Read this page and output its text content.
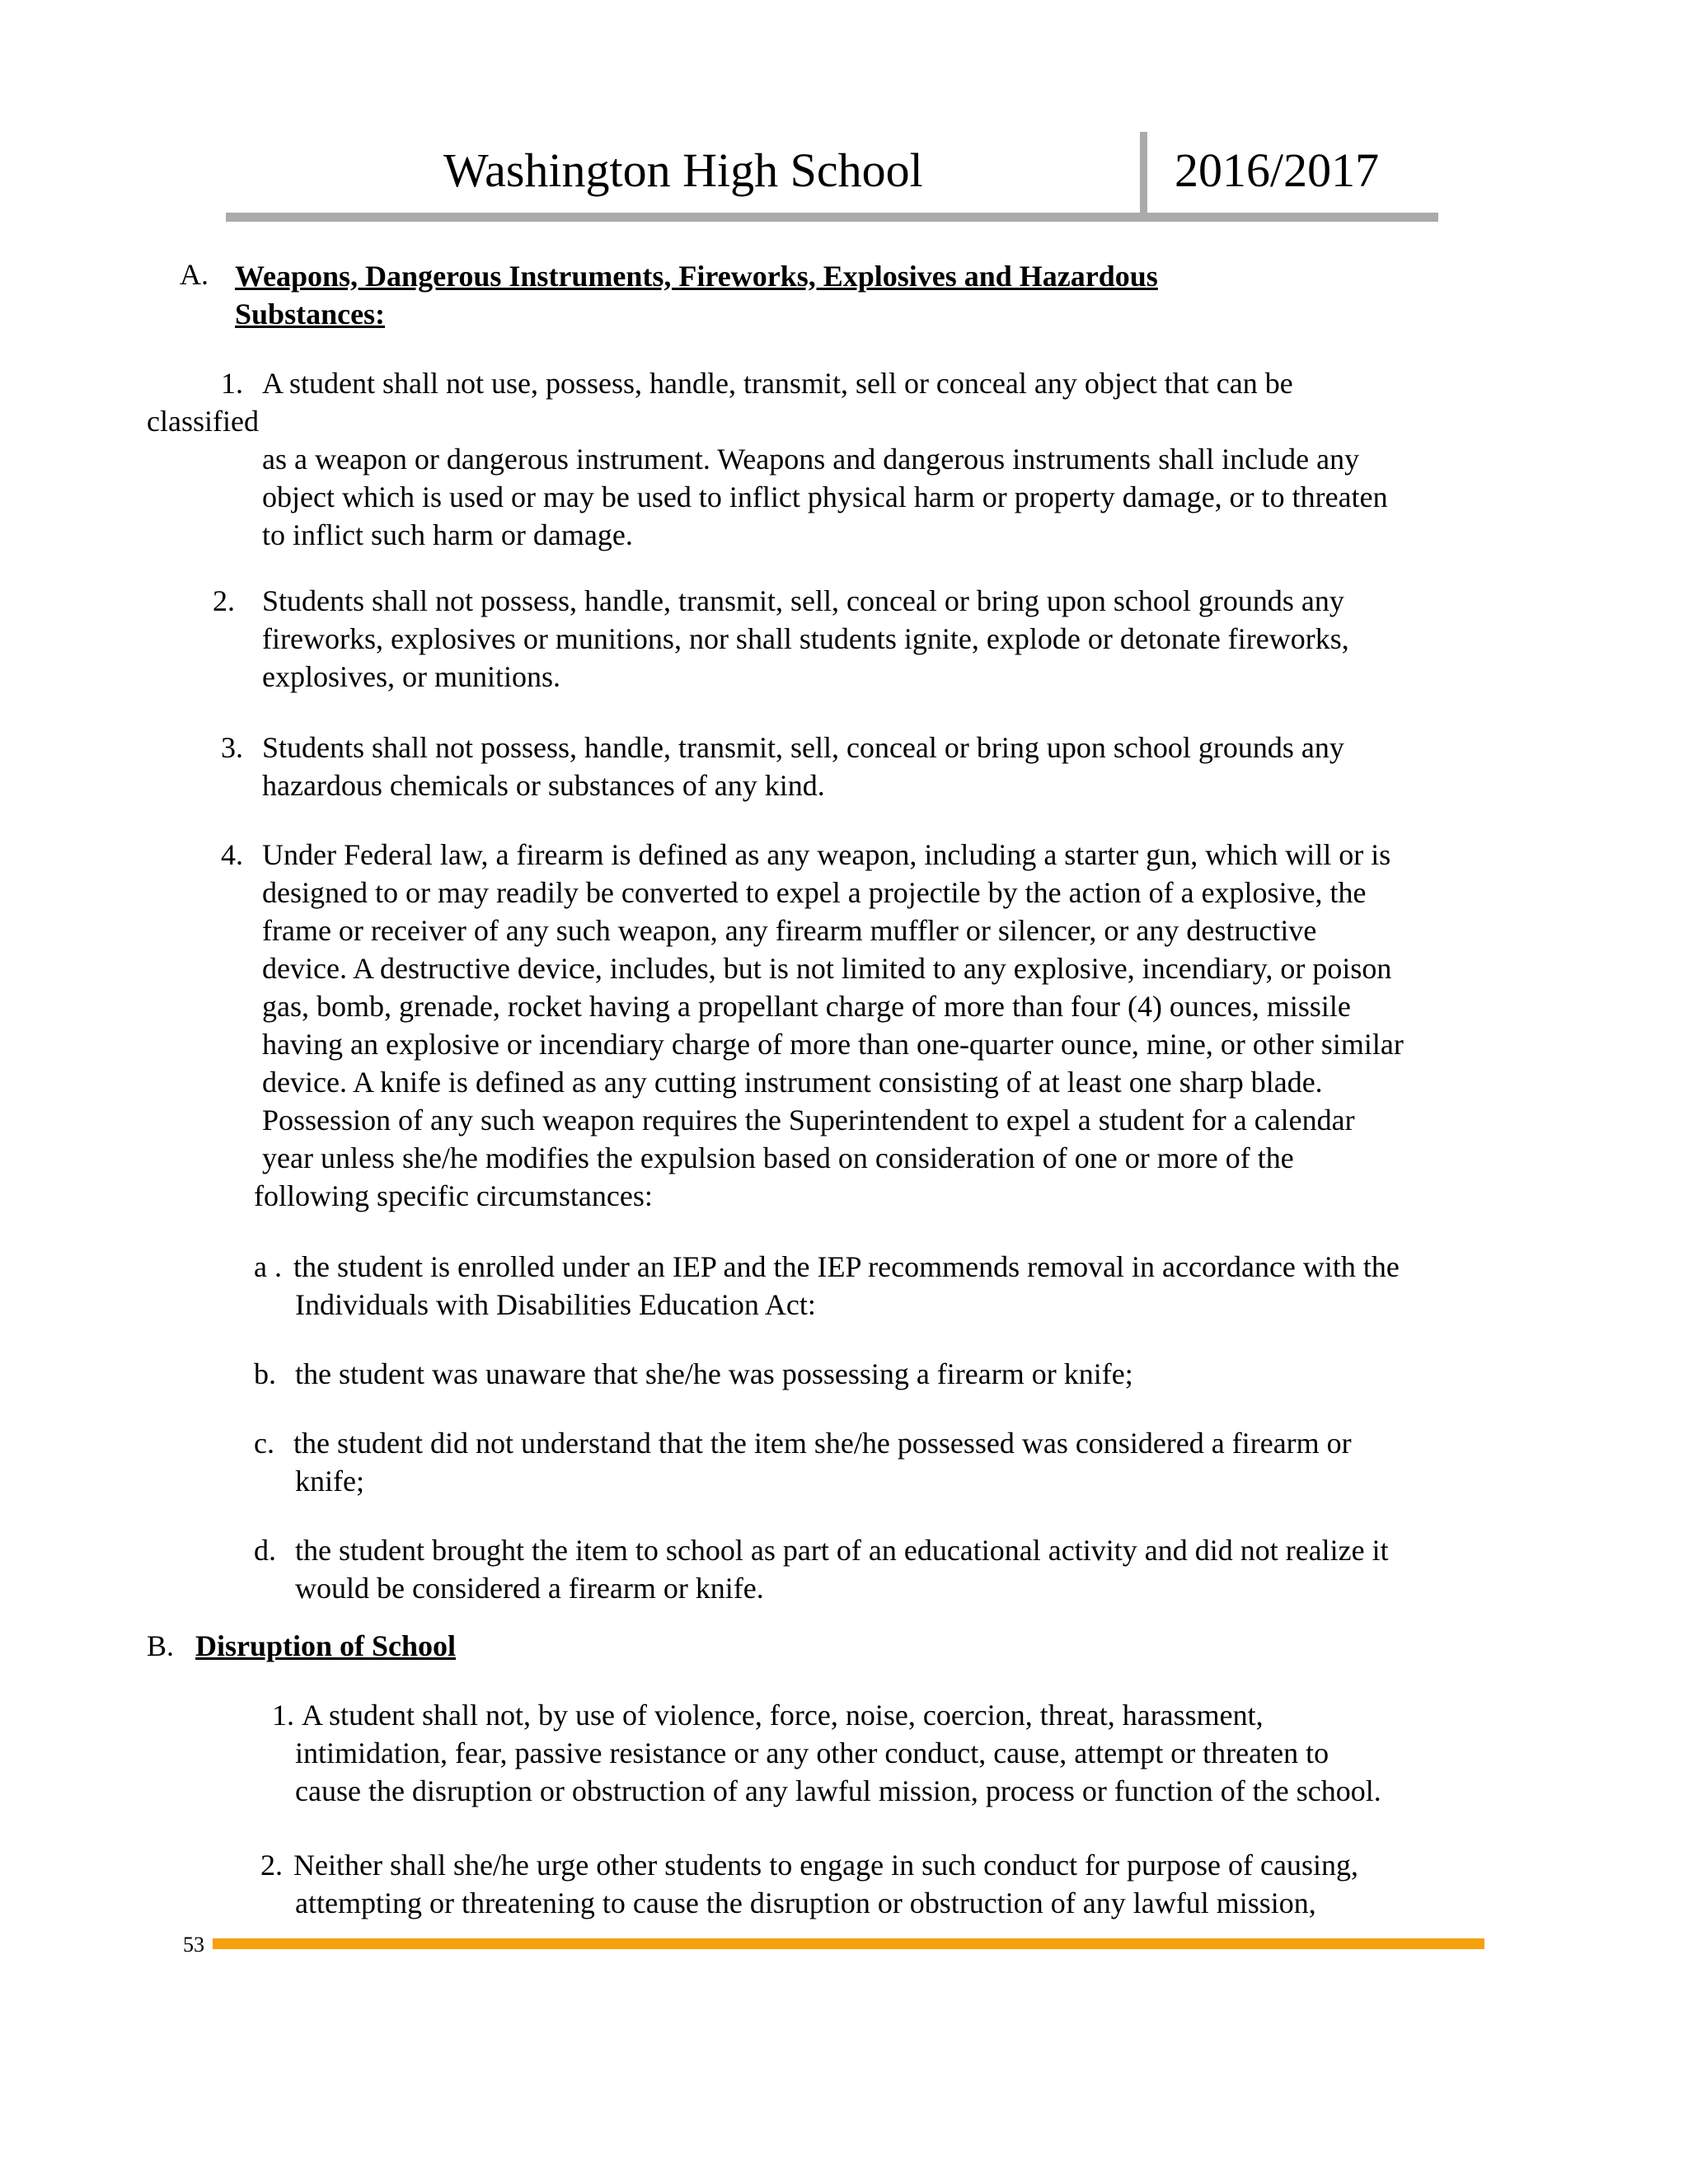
Washington High School	2016/2017
A. Weapons, Dangerous Instruments, Fireworks, Explosives and Hazardous
Substances:
1. A student shall not use, possess, handle, transmit, sell or conceal any object that can be
classified
as a weapon or dangerous instrument. Weapons and dangerous instruments shall include any
object which is used or may be used to inflict physical harm or property damage, or to threaten
to inflict such harm or damage.
2. Students shall not possess, handle, transmit, sell, conceal or bring upon school grounds any
fireworks, explosives or munitions, nor shall students ignite, explode or detonate fireworks,
explosives, or munitions.
3. Students shall not possess, handle, transmit, sell, conceal or bring upon school grounds any
hazardous chemicals or substances of any kind.
4. Under Federal law, a firearm is defined as any weapon, including a starter gun, which will or is
designed to or may readily be converted to expel a projectile by the action of a explosive, the
frame or receiver of any such weapon, any firearm muffler or silencer, or any destructive
device. A destructive device, includes, but is not limited to any explosive, incendiary, or poison
gas, bomb, grenade, rocket having a propellant charge of more than four (4) ounces, missile
having an explosive or incendiary charge of more than one-quarter ounce, mine, or other similar
device. A knife is defined as any cutting instrument consisting of at least one sharp blade.
Possession of any such weapon requires the Superintendent to expel a student for a calendar
year unless she/he modifies the expulsion based on consideration of one or more of the
following specific circumstances:
a . the student is enrolled under an IEP and the IEP recommends removal in accordance with the
Individuals with Disabilities Education Act:
b. the student was unaware that she/he was possessing a firearm or knife;
c. the student did not understand that the item she/he possessed was considered a firearm or
knife;
d. the student brought the item to school as part of an educational activity and did not realize it
would be considered a firearm or knife.
B. Disruption of School
1. A student shall not, by use of violence, force, noise, coercion, threat, harassment,
intimidation, fear, passive resistance or any other conduct, cause, attempt or threaten to
cause the disruption or obstruction of any lawful mission, process or function of the school.
2. Neither shall she/he urge other students to engage in such conduct for purpose of causing,
attempting or threatening to cause the disruption or obstruction of any lawful mission,
53
